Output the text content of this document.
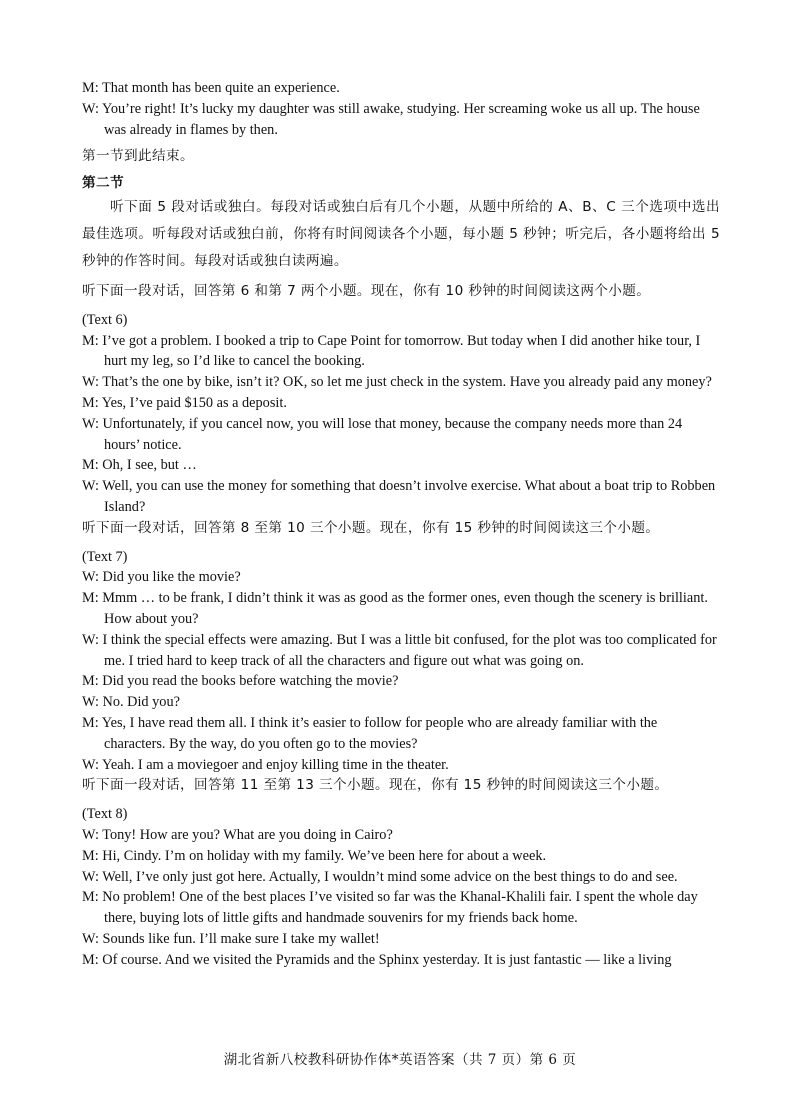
M: That month has been quite an experience.
W: You’re right! It’s lucky my daughter was still awake, studying. Her screaming woke us all up. The house was already in flames by then.
第一节到此结束。
第二节
听下面 5 段对话或独白。每段对话或独白后有几个小题，从题中所给的 A、B、C 三个选项中选出最佳选项。听每段对话或独白前，你将有时间阅读各个小题，每小题 5 秒钟；听完后，各小题将给出 5 秒钟的作答时间。每段对话或独白读两遍。
听下面一段对话，回答第 6 和第 7 两个小题。现在，你有 10 秒钟的时间阅读这两个小题。
(Text 6)
M: I’ve got a problem. I booked a trip to Cape Point for tomorrow. But today when I did another hike tour, I hurt my leg, so I’d like to cancel the booking.
W: That’s the one by bike, isn’t it? OK, so let me just check in the system. Have you already paid any money?
M: Yes, I’ve paid $150 as a deposit.
W: Unfortunately, if you cancel now, you will lose that money, because the company needs more than 24 hours’ notice.
M: Oh, I see, but …
W: Well, you can use the money for something that doesn’t involve exercise. What about a boat trip to Robben Island?
听下面一段对话，回答第 8 至第 10 三个小题。现在，你有 15 秒钟的时间阅读这三个小题。
(Text 7)
W: Did you like the movie?
M: Mmm … to be frank, I didn’t think it was as good as the former ones, even though the scenery is brilliant. How about you?
W: I think the special effects were amazing. But I was a little bit confused, for the plot was too complicated for me. I tried hard to keep track of all the characters and figure out what was going on.
M: Did you read the books before watching the movie?
W: No. Did you?
M: Yes, I have read them all. I think it’s easier to follow for people who are already familiar with the characters. By the way, do you often go to the movies?
W: Yeah. I am a moviegoer and enjoy killing time in the theater.
听下面一段对话，回答第 11 至第 13 三个小题。现在，你有 15 秒钟的时间阅读这三个小题。
(Text 8)
W: Tony! How are you? What are you doing in Cairo?
M: Hi, Cindy. I’m on holiday with my family. We’ve been here for about a week.
W: Well, I’ve only just got here. Actually, I wouldn’t mind some advice on the best things to do and see.
M: No problem! One of the best places I’ve visited so far was the Khanal-Khalili fair. I spent the whole day there, buying lots of little gifts and handmade souvenirs for my friends back home.
W: Sounds like fun. I’ll make sure I take my wallet!
M: Of course. And we visited the Pyramids and the Sphinx yesterday. It is just fantastic — like a living
湖北省新八校教科研协作体*英语答案（共 7 页）第 6 页
